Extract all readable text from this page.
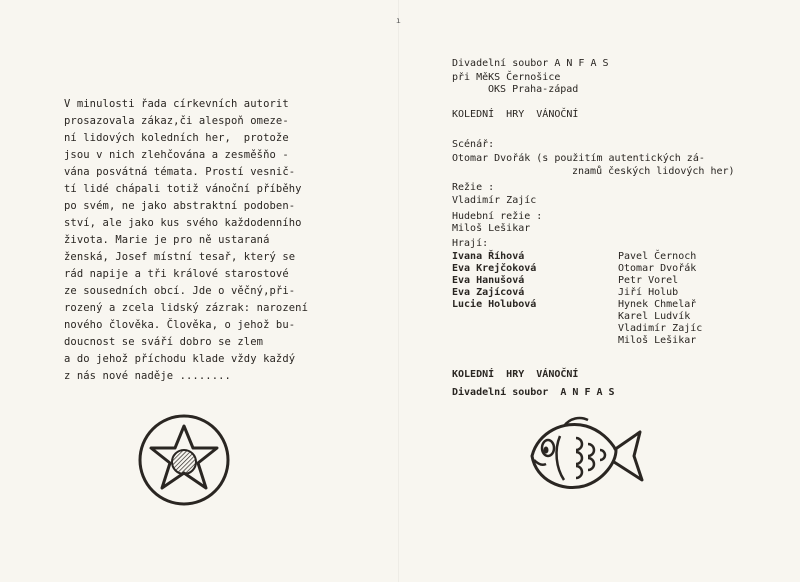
ı
V minulosti řada církevních autorit
prosazovala zákaz,či alespoň omeze-
ní lidových koledních her,  protože
jsou v nich zlehčována a zesměšňo -
vána posvátná témata. Prostí vesnič-
tí lidé chápali totiž vánoční příběhy
po svém, ne jako abstraktní podoben-
ství, ale jako kus svého každodenního
života. Marie je pro ně ustaraná
ženská, Josef místní tesař, který se
rád napije a tři králové starostové
ze sousedních obcí. Jde o věčný,při-
rozený a zcela lidský zázrak: narození
nového člověka. Člověka, o jehož bu-
doucnost se sváří dobro se zlem
a do jehož příchodu klade vždy každý
z nás nové naděje ........
Divadelní soubor A N F A S
při MěKS Černošice
OKS Praha-západ
KOLEDNÍ  HRY  VÁNOČNÍ
Scénář:
Otomar Dvořák (s použitím autentických zá-
znamů českých lidových her)
Režie :
Vladimír Zajíc
Hudební režie :
Miloš Lešikar
Hrají:
Ivana Říhová
Eva Krejčoková
Eva Hanušová
Eva Zajícová
Lucie Holubová
Pavel Černoch
Otomar Dvořák
Petr Vorel
Jiří Holub
Hynek Chmelař
Karel Ludvík
Vladimír Zajíc
Miloš Lešikar
KOLEDNÍ  HRY  VÁNOČNÍ
Divadelní soubor  A N F A S
